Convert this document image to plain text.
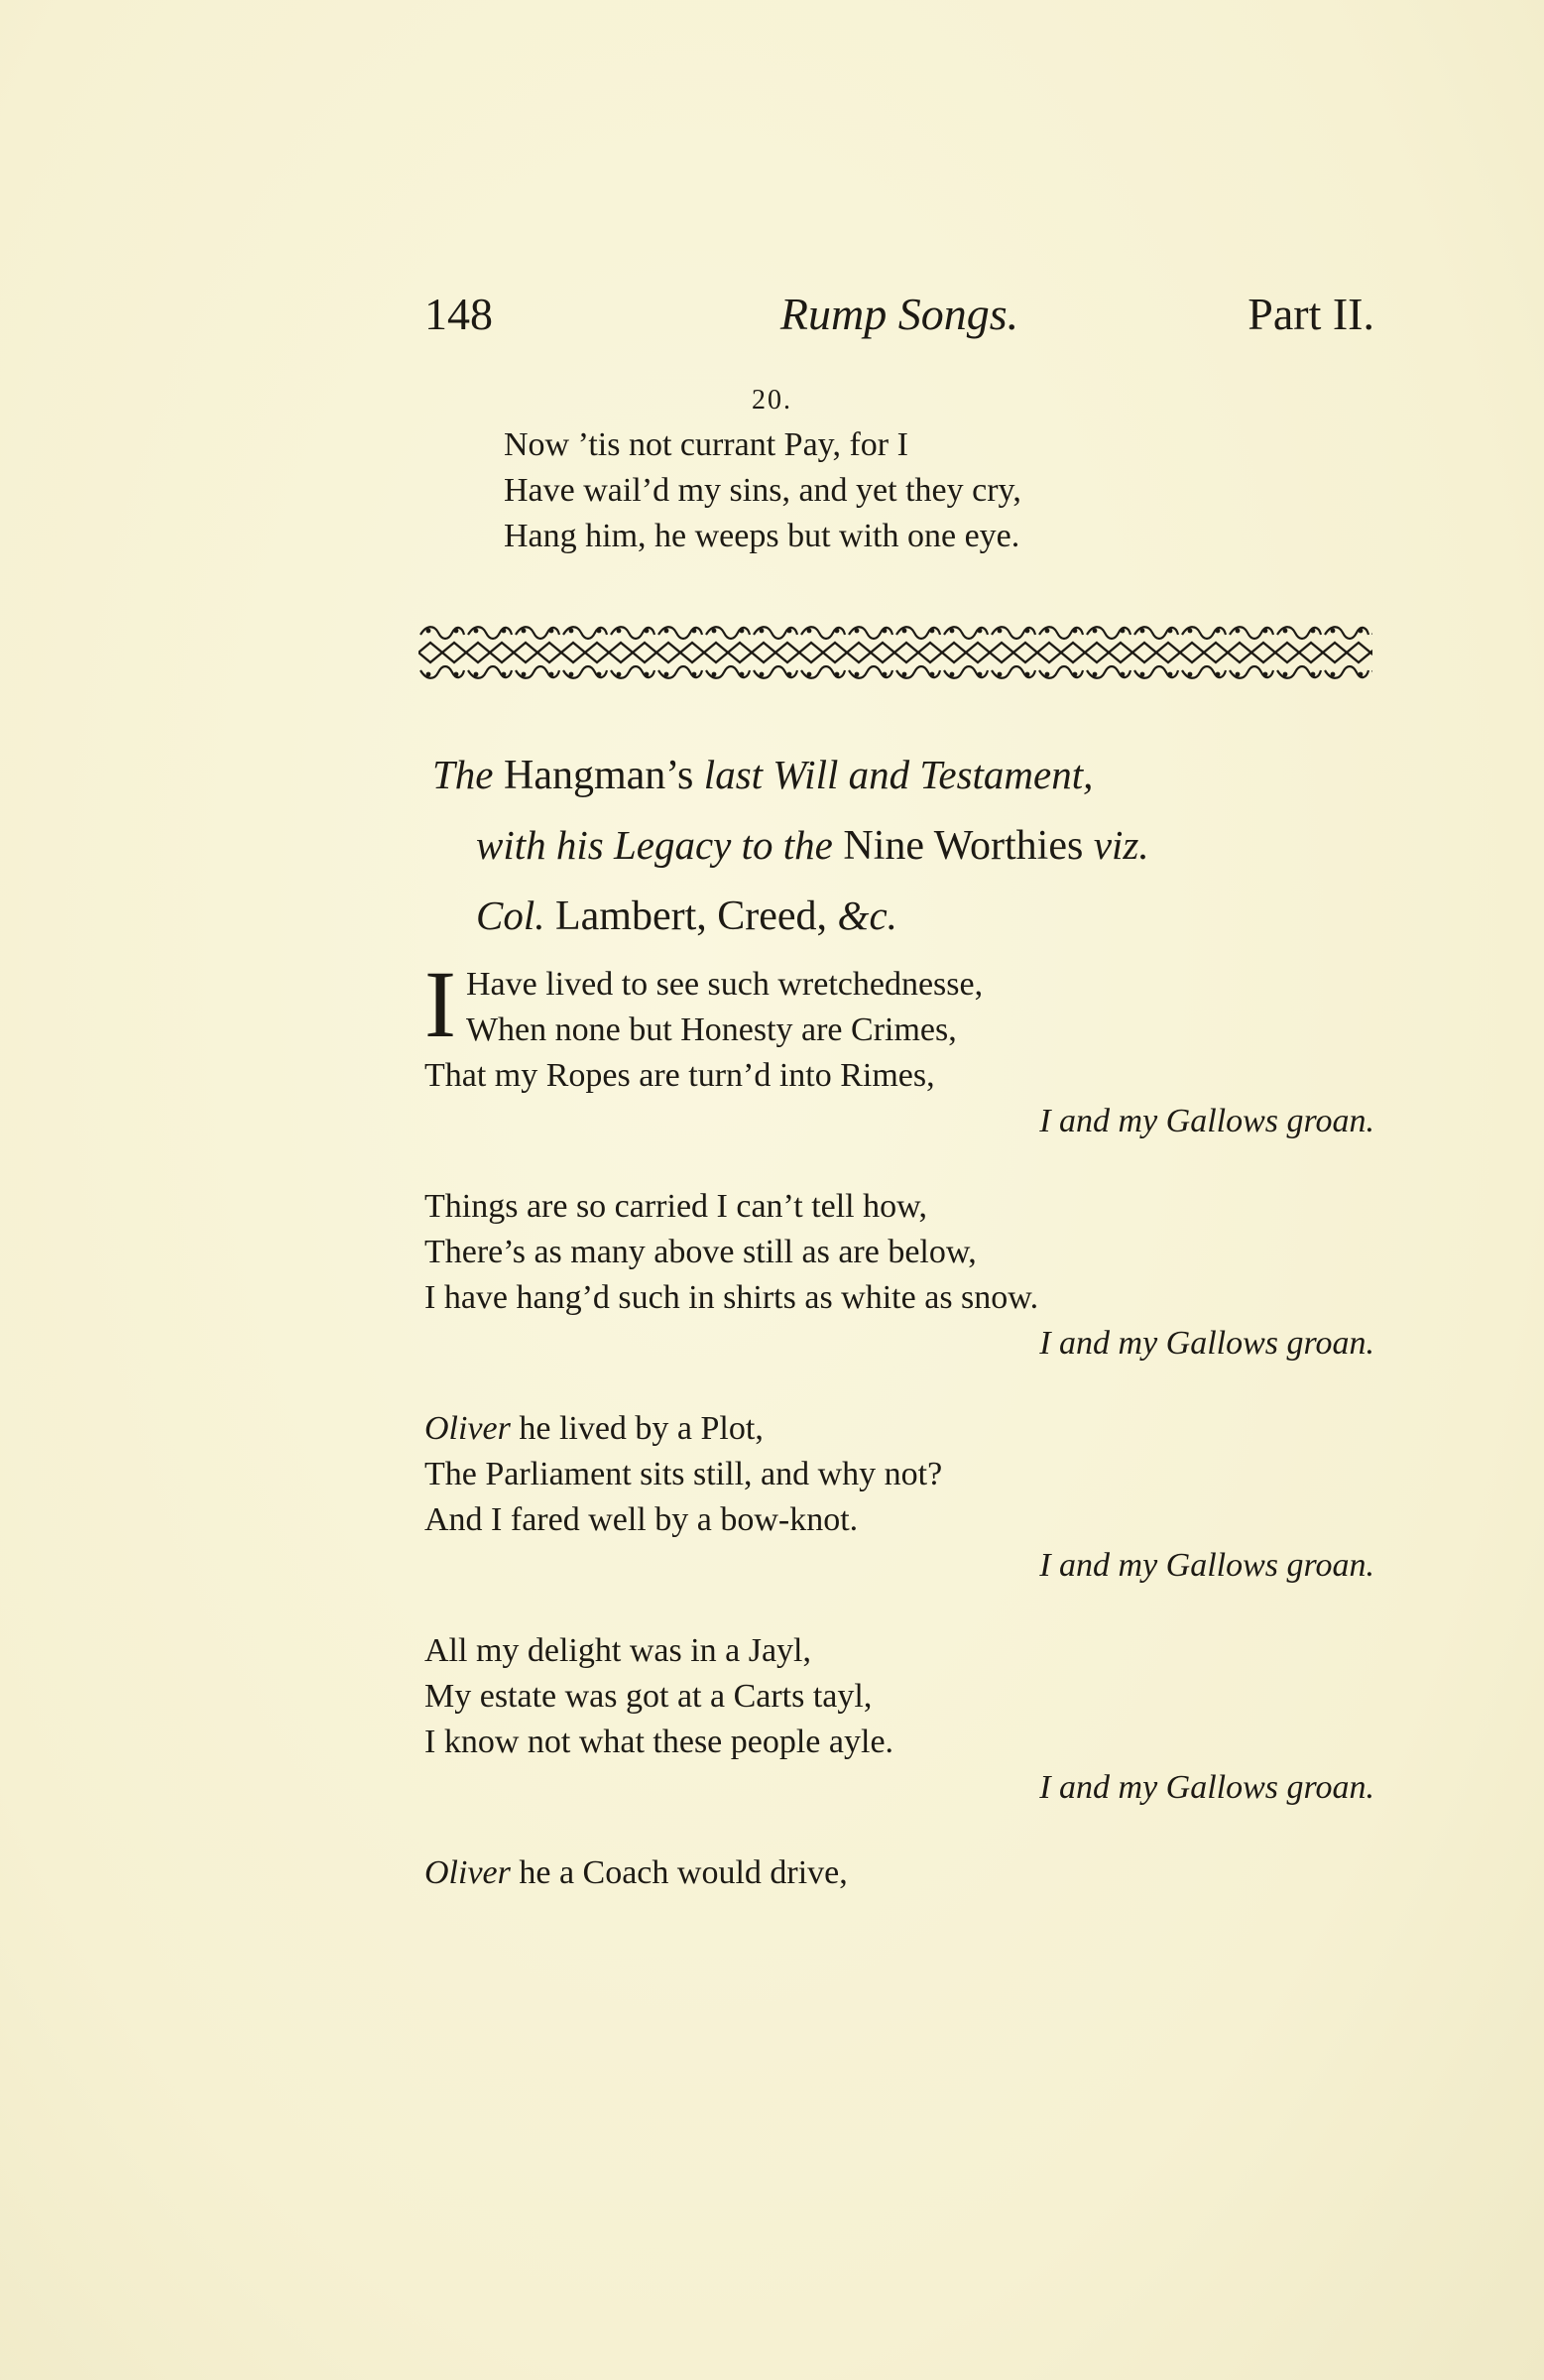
148	Rump Songs.	Part II.
20.
Now ’tis not currant Pay, for I
Have wail’d my sins, and yet they cry,
Hang him, he weeps but with one eye.
The Hangman’s last Will and Testament,
with his Legacy to the Nine Worthies viz.
Col. Lambert, Creed, &c.
I Have lived to see such wretchednesse,
When none but Honesty are Crimes,
That my Ropes are turn’d into Rimes,
I and my Gallows groan.
Things are so carried I can’t tell how,
There’s as many above still as are below,
I have hang’d such in shirts as white as snow.
I and my Gallows groan.
Oliver he lived by a Plot,
The Parliament sits still, and why not?
And I fared well by a bow-knot.
I and my Gallows groan.
All my delight was in a Jayl,
My estate was got at a Carts tayl,
I know not what these people ayle.
I and my Gallows groan.
Oliver he a Coach would drive,
